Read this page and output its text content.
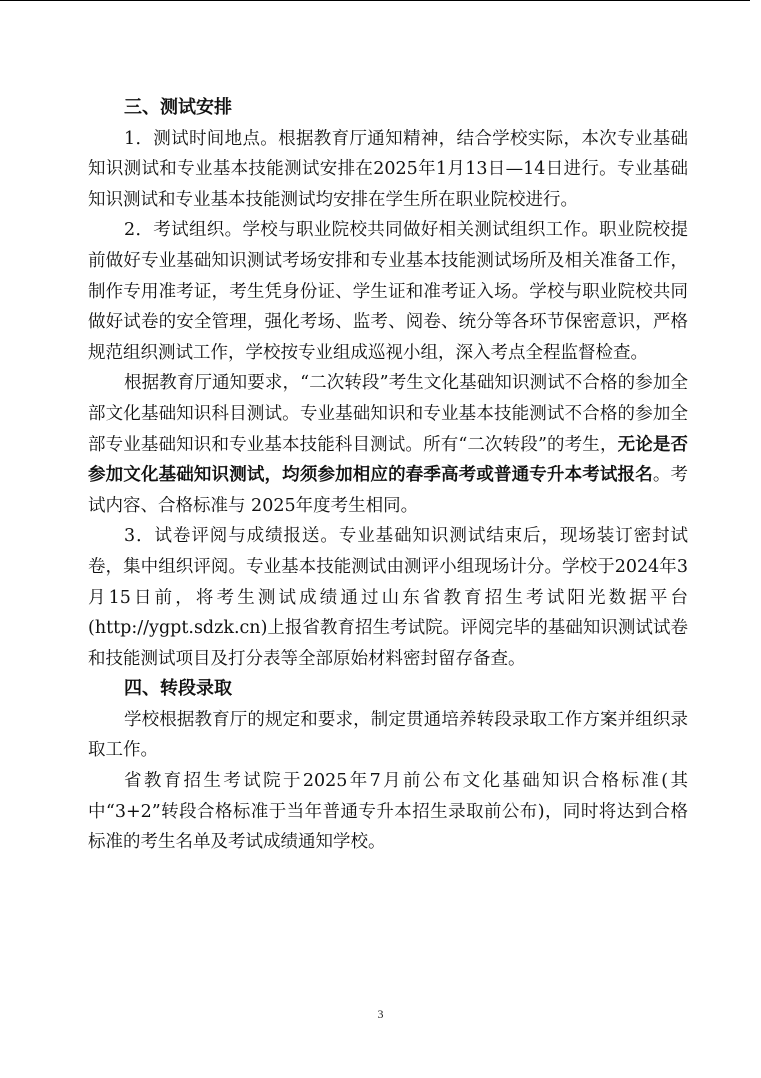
三、测试安排

1．测试时间地点。根据教育厅通知精神，结合学校实际，本次专业基础知识测试和专业基本技能测试安排在2025年1月13日—14日进行。专业基础知识测试和专业基本技能测试均安排在学生所在职业院校进行。

2．考试组织。学校与职业院校共同做好相关测试组织工作。职业院校提前做好专业基础知识测试考场安排和专业基本技能测试场所及相关准备工作，制作专用准考证，考生凭身份证、学生证和准考证入场。学校与职业院校共同做好试卷的安全管理，强化考场、监考、阅卷、统分等各环节保密意识，严格规范组织测试工作，学校按专业组成巡视小组，深入考点全程监督检查。

根据教育厅通知要求，“二次转段”考生文化基础知识测试不合格的参加全部文化基础知识科目测试。专业基础知识和专业基本技能测试不合格的参加全部专业基础知识和专业基本技能科目测试。所有“二次转段”的考生，无论是否参加文化基础知识测试，均须参加相应的春季高考或普通专升本考试报名。考试内容、合格标准与 2025年度考生相同。

3．试卷评阅与成绩报送。专业基础知识测试结束后，现场装订密封试卷，集中组织评阅。专业基本技能测试由测评小组现场计分。学校于2024年3月15日前，将考生测试成绩通过山东省教育招生考试阳光数据平台(http://ygpt.sdzk.cn)上报省教育招生考试院。评阅完毕的基础知识测试试卷和技能测试项目及打分表等全部原始材料密封留存备查。

四、转段录取

学校根据教育厅的规定和要求，制定贯通培养转段录取工作方案并组织录取工作。

省教育招生考试院于2025年7月前公布文化基础知识合格标准(其中“3+2”转段合格标准于当年普通专升本招生录取前公布)，同时将达到合格标准的考生名单及考试成绩通知学校。

3
